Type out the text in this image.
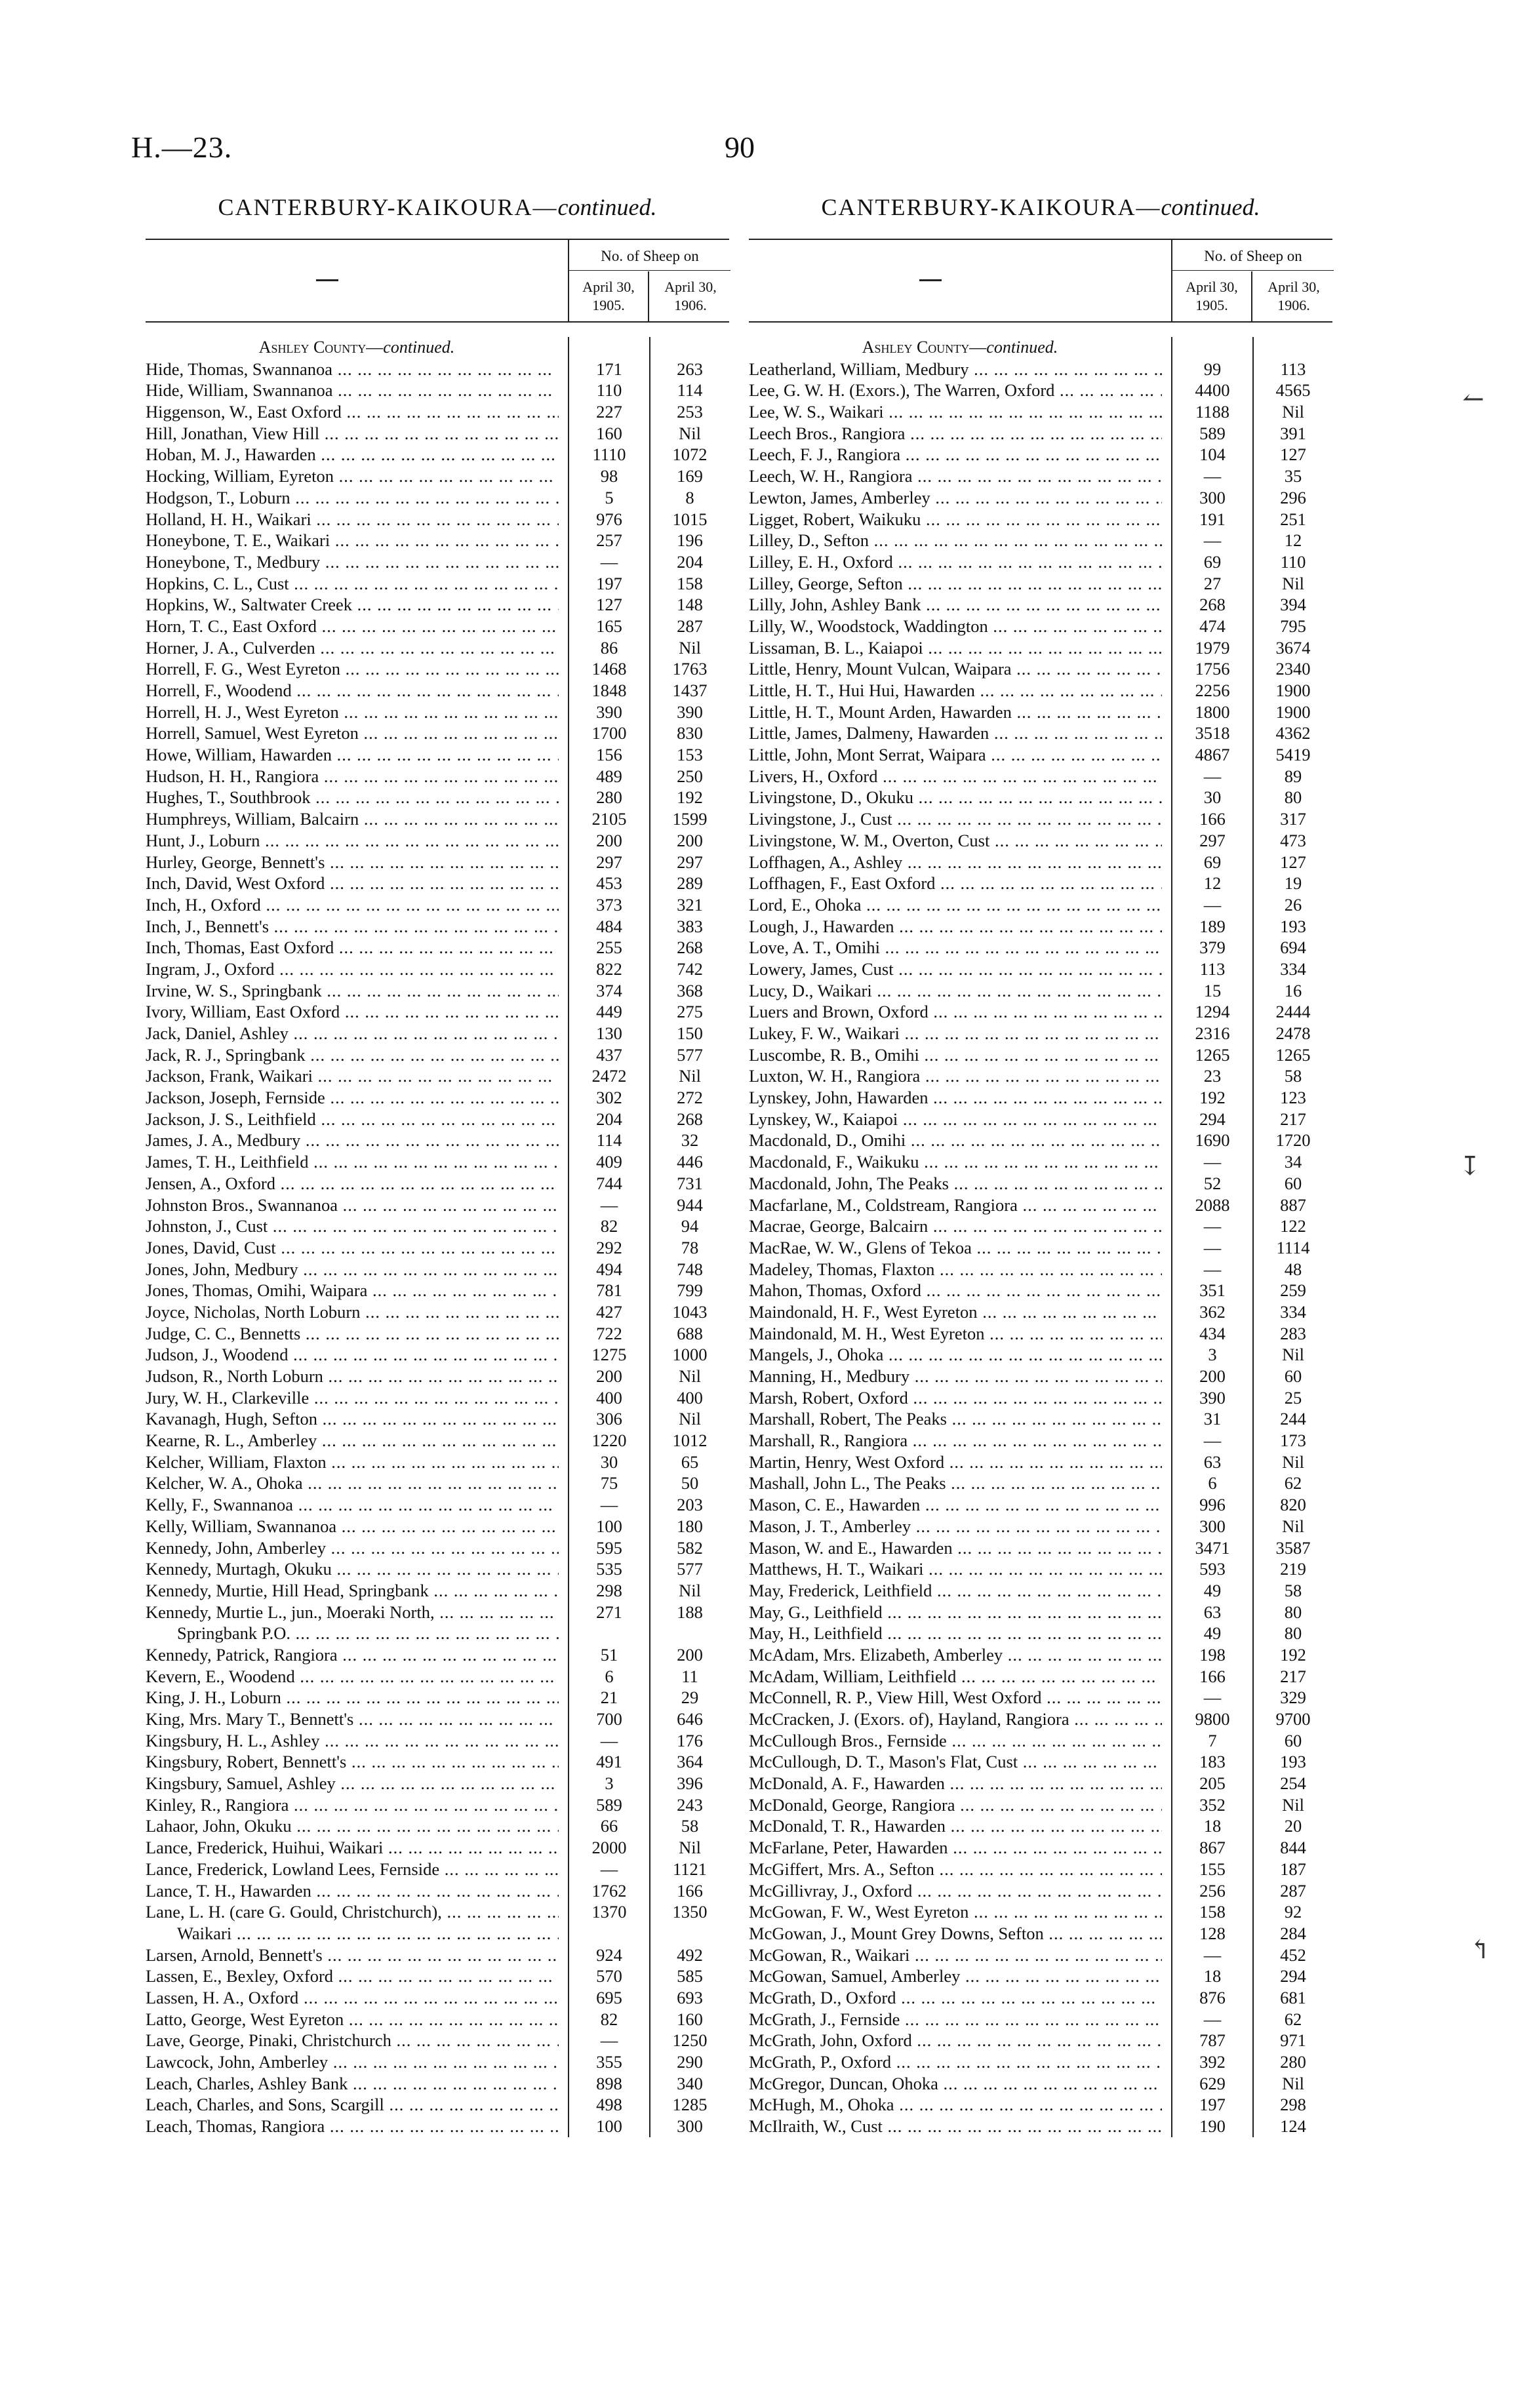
H.—23.	90
CANTERBURY-KAIKOURA—continued.
No. of Sheep on
April 30, 1905.
April 30, 1906.
Ashley County—continued.
Hide, Thomas, Swannanoa ...	171	263
Hide, William, Swannanoa ...	110	114
Higgenson, W., East Oxford ...	227	253
Hill, Jonathan, View Hill ...	160	Nil
Hoban, M. J., Hawarden ...	1110	1072
Hocking, William, Eyreton ...	98	169
Hodgson, T., Loburn ...	5	8
Holland, H. H., Waikari ...	976	1015
Honeybone, T. E., Waikari ...	257	196
Honeybone, T., Medbury ...	—	204
Hopkins, C. L., Cust ...	197	158
Hopkins, W., Saltwater Creek ...	127	148
Horn, T. C., East Oxford ...	165	287
Horner, J. A., Culverden ...	86	Nil
Horrell, F. G., West Eyreton ...	1468	1763
Horrell, F., Woodend ...	1848	1437
Horrell, H. J., West Eyreton ...	390	390
Horrell, Samuel, West Eyreton ...	1700	830
Howe, William, Hawarden ...	156	153
Hudson, H. H., Rangiora ...	489	250
Hughes, T., Southbrook ...	280	192
Humphreys, William, Balcairn ...	2105	1599
Hunt, J., Loburn ...	200	200
Hurley, George, Bennett's ...	297	297
Inch, David, West Oxford ...	453	289
Inch, H., Oxford ...	373	321
Inch, J., Bennett's ...	484	383
Inch, Thomas, East Oxford ...	255	268
Ingram, J., Oxford ...	822	742
Irvine, W. S., Springbank ...	374	368
Ivory, William, East Oxford ...	449	275
Jack, Daniel, Ashley ...	130	150
Jack, R. J., Springbank ...	437	577
Jackson, Frank, Waikari ...	2472	Nil
Jackson, Joseph, Fernside ...	302	272
Jackson, J. S., Leithfield ...	204	268
James, J. A., Medbury ...	114	32
James, T. H., Leithfield ...	409	446
Jensen, A., Oxford ...	744	731
Johnston Bros., Swannanoa ...	—	944
Johnston, J., Cust ...	82	94
Jones, David, Cust ...	292	78
Jones, John, Medbury ...	494	748
Jones, Thomas, Omihi, Waipara ...	781	799
Joyce, Nicholas, North Loburn ...	427	1043
Judge, C. C., Bennetts ...	722	688
Judson, J., Woodend ...	1275	1000
Judson, R., North Loburn ...	200	Nil
Jury, W. H., Clarkeville ...	400	400
Kavanagh, Hugh, Sefton ...	306	Nil
Kearne, R. L., Amberley ...	1220	1012
Kelcher, William, Flaxton ...	30	65
Kelcher, W. A., Ohoka ...	75	50
Kelly, F., Swannanoa ...	—	203
Kelly, William, Swannanoa ...	100	180
Kennedy, John, Amberley ...	595	582
Kennedy, Murtagh, Okuku ...	535	577
Kennedy, Murtie, Hill Head, Springbank ...	298	Nil
Kennedy, Murtie L., jun., Moeraki North, ...	271	188
Springbank P.O. ...
Kennedy, Patrick, Rangiora ...	51	200
Kevern, E., Woodend ...	6	11
King, J. H., Loburn ...	21	29
King, Mrs. Mary T., Bennett's ...	700	646
Kingsbury, H. L., Ashley ...	—	176
Kingsbury, Robert, Bennett's ...	491	364
Kingsbury, Samuel, Ashley ...	3	396
Kinley, R., Rangiora ...	589	243
Lahaor, John, Okuku ...	66	58
Lance, Frederick, Huihui, Waikari ...	2000	Nil
Lance, Frederick, Lowland Lees, Fernside ...	—	1121
Lance, T. H., Hawarden ...	1762	166
Lane, L. H. (care G. Gould, Christchurch), ...	1370	1350
Waikari ...
Larsen, Arnold, Bennett's ...	924	492
Lassen, E., Bexley, Oxford ...	570	585
Lassen, H. A., Oxford ...	695	693
Latto, George, West Eyreton ...	82	160
Lave, George, Pinaki, Christchurch ...	—	1250
Lawcock, John, Amberley ...	355	290
Leach, Charles, Ashley Bank ...	898	340
Leach, Charles, and Sons, Scargill ...	498	1285
Leach, Thomas, Rangiora ...	100	300
CANTERBURY-KAIKOURA—continued.
No. of Sheep on
April 30, 1905.
April 30, 1906.
Ashley County—continued.
Leatherland, William, Medbury ...	99	113
Lee, G. W. H. (Exors.), The Warren, Oxford ...	4400	4565
Lee, W. S., Waikari ...	1188	Nil
Leech Bros., Rangiora ...	589	391
Leech, F. J., Rangiora ...	104	127
Leech, W. H., Rangiora ...	—	35
Lewton, James, Amberley ...	300	296
Ligget, Robert, Waikuku ...	191	251
Lilley, D., Sefton ...	—	12
Lilley, E. H., Oxford ...	69	110
Lilley, George, Sefton ...	27	Nil
Lilly, John, Ashley Bank ...	268	394
Lilly, W., Woodstock, Waddington ...	474	795
Lissaman, B. L., Kaiapoi ...	1979	3674
Little, Henry, Mount Vulcan, Waipara ...	1756	2340
Little, H. T., Hui Hui, Hawarden ...	2256	1900
Little, H. T., Mount Arden, Hawarden ...	1800	1900
Little, James, Dalmeny, Hawarden ...	3518	4362
Little, John, Mont Serrat, Waipara ...	4867	5419
Livers, H., Oxford ...	—	89
Livingstone, D., Okuku ...	30	80
Livingstone, J., Cust ...	166	317
Livingstone, W. M., Overton, Cust ...	297	473
Loffhagen, A., Ashley ...	69	127
Loffhagen, F., East Oxford ...	12	19
Lord, E., Ohoka ...	—	26
Lough, J., Hawarden ...	189	193
Love, A. T., Omihi ...	379	694
Lowery, James, Cust ...	113	334
Lucy, D., Waikari ...	15	16
Luers and Brown, Oxford ...	1294	2444
Lukey, F. W., Waikari ...	2316	2478
Luscombe, R. B., Omihi ...	1265	1265
Luxton, W. H., Rangiora ...	23	58
Lynskey, John, Hawarden ...	192	123
Lynskey, W., Kaiapoi ...	294	217
Macdonald, D., Omihi ...	1690	1720
Macdonald, F., Waikuku ...	—	34
Macdonald, John, The Peaks ...	52	60
Macfarlane, M., Coldstream, Rangiora ...	2088	887
Macrae, George, Balcairn ...	—	122
MacRae, W. W., Glens of Tekoa ...	—	1114
Madeley, Thomas, Flaxton ...	—	48
Mahon, Thomas, Oxford ...	351	259
Maindonald, H. F., West Eyreton ...	362	334
Maindonald, M. H., West Eyreton ...	434	283
Mangels, J., Ohoka ...	3	Nil
Manning, H., Medbury ...	200	60
Marsh, Robert, Oxford ...	390	25
Marshall, Robert, The Peaks ...	31	244
Marshall, R., Rangiora ...	—	173
Martin, Henry, West Oxford ...	63	Nil
Mashall, John L., The Peaks ...	6	62
Mason, C. E., Hawarden ...	996	820
Mason, J. T., Amberley ...	300	Nil
Mason, W. and E., Hawarden ...	3471	3587
Matthews, H. T., Waikari ...	593	219
May, Frederick, Leithfield ...	49	58
May, G., Leithfield ...	63	80
May, H., Leithfield ...	49	80
McAdam, Mrs. Elizabeth, Amberley ...	198	192
McAdam, William, Leithfield ...	166	217
McConnell, R. P., View Hill, West Oxford ...	—	329
McCracken, J. (Exors. of), Hayland, Rangiora ...	9800	9700
McCullough Bros., Fernside ...	7	60
McCullough, D. T., Mason's Flat, Cust ...	183	193
McDonald, A. F., Hawarden ...	205	254
McDonald, George, Rangiora ...	352	Nil
McDonald, T. R., Hawarden ...	18	20
McFarlane, Peter, Hawarden ...	867	844
McGiffert, Mrs. A., Sefton ...	155	187
McGillivray, J., Oxford ...	256	287
McGowan, F. W., West Eyreton ...	158	92
McGowan, J., Mount Grey Downs, Sefton ...	128	284
McGowan, R., Waikari ...	—	452
McGowan, Samuel, Amberley ...	18	294
McGrath, D., Oxford ...	876	681
McGrath, J., Fernside ...	—	62
McGrath, John, Oxford ...	787	971
McGrath, P., Oxford ...	392	280
McGregor, Duncan, Ohoka ...	629	Nil
McHugh, M., Ohoka ...	197	298
McIlraith, W., Cust ...	190	124
↼
↧
↰
